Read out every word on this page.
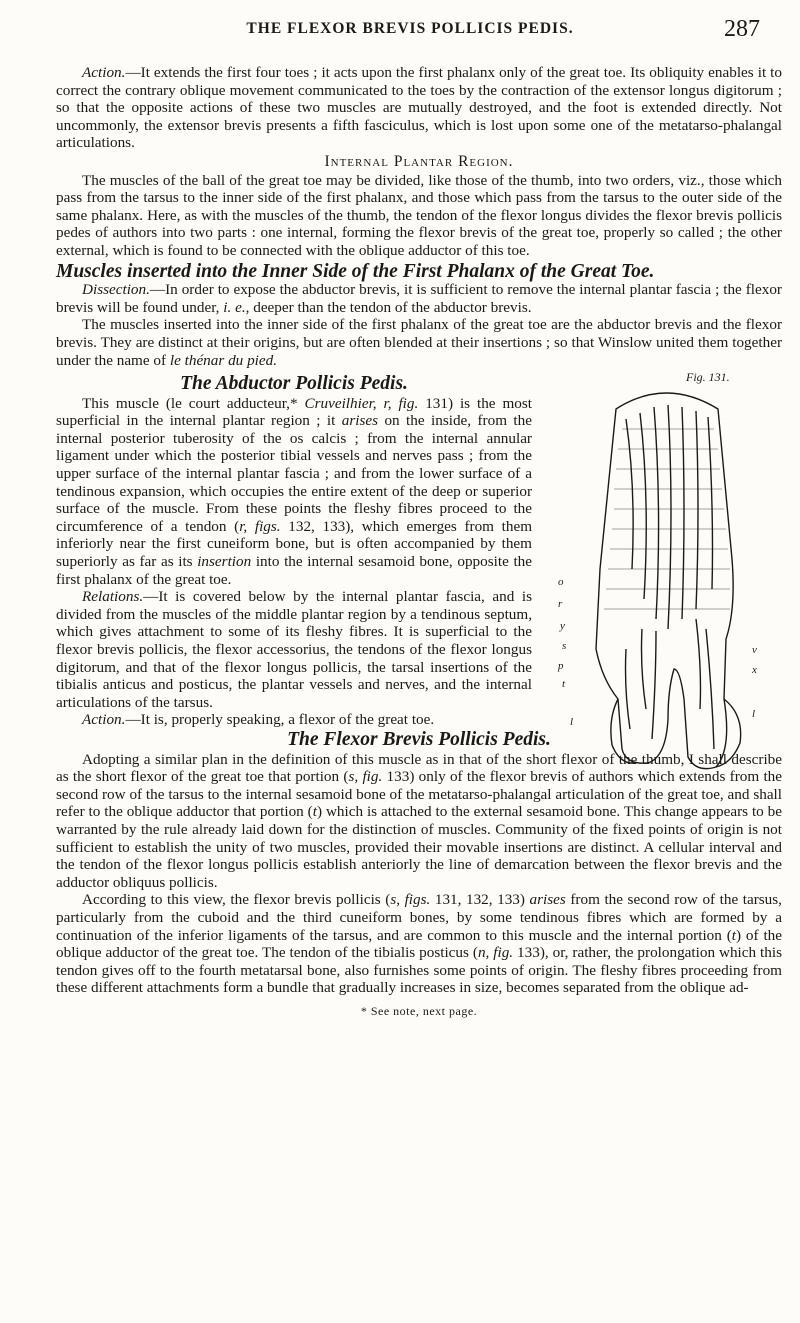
THE FLEXOR BREVIS POLLICIS PEDIS.	287

Action.—It extends the first four toes ; it acts upon the first phalanx only of the great toe. Its obliquity enables it to correct the contrary oblique movement communicated to the toes by the contraction of the extensor longus digitorum ; so that the opposite actions of these two muscles are mutually destroyed, and the foot is extended directly. Not uncommonly, the extensor brevis presents a fifth fasciculus, which is lost upon some one of the metatarso-phalangal articulations.

Internal Plantar Region.

The muscles of the ball of the great toe may be divided, like those of the thumb, into two orders, viz., those which pass from the tarsus to the inner side of the first phalanx, and those which pass from the tarsus to the outer side of the same phalanx. Here, as with the muscles of the thumb, the tendon of the flexor longus divides the flexor brevis pollicis pedes of authors into two parts : one internal, forming the flexor brevis of the great toe, properly so called ; the other external, which is found to be connected with the oblique adductor of this toe.

Muscles inserted into the Inner Side of the First Phalanx of the Great Toe.

Dissection.—In order to expose the abductor brevis, it is sufficient to remove the internal plantar fascia ; the flexor brevis will be found under, i. e., deeper than the tendon of the abductor brevis.

The muscles inserted into the inner side of the first phalanx of the great toe are the abductor brevis and the flexor brevis. They are distinct at their origins, but are often blended at their insertions ; so that Winslow united them together under the name of le thénar du pied.

The Abductor Pollicis Pedis.

This muscle (le court adducteur,* Cruveilhier, r, fig. 131) is the most superficial in the internal plantar region ; it arises on the inside, from the internal posterior tuberosity of the os calcis ; from the internal annular ligament under which the posterior tibial vessels and nerves pass ; from the upper surface of the internal plantar fascia ; and from the lower surface of a tendinous expansion, which occupies the entire extent of the deep or superior surface of the muscle. From these points the fleshy fibres proceed to the circumference of a tendon (r, figs. 132, 133), which emerges from them inferiorly near the first cuneiform bone, but is often accompanied by them superiorly as far as its insertion into the internal sesamoid bone, opposite the first phalanx of the great toe.

Relations.—It is covered below by the internal plantar fascia, and is divided from the muscles of the middle plantar region by a tendinous septum, which gives attachment to some of its fleshy fibres. It is superficial to the flexor brevis pollicis, the flexor accessorius, the tendons of the flexor longus digitorum, and that of the flexor longus pollicis, the tarsal insertions of the tibialis anticus and posticus, the plantar vessels and nerves, and the internal articulations of the tarsus.

Action.—It is, properly speaking, a flexor of the great toe.

Fig. 131.
o
r
y
s
p
t
l
v
x
l
The Flexor Brevis Pollicis Pedis.

Adopting a similar plan in the definition of this muscle as in that of the short flexor of the thumb, I shall describe as the short flexor of the great toe that portion (s, fig. 133) only of the flexor brevis of authors which extends from the second row of the tarsus to the internal sesamoid bone of the metatarso-phalangal articulation of the great toe, and shall refer to the oblique adductor that portion (t) which is attached to the external sesamoid bone. This change appears to be warranted by the rule already laid down for the distinction of muscles. Community of the fixed points of origin is not sufficient to establish the unity of two muscles, provided their movable insertions are distinct. A cellular interval and the tendon of the flexor longus pollicis establish anteriorly the line of demarcation between the flexor brevis and the adductor obliquus pollicis.

According to this view, the flexor brevis pollicis (s, figs. 131, 132, 133) arises from the second row of the tarsus, particularly from the cuboid and the third cuneiform bones, by some tendinous fibres which are formed by a continuation of the inferior ligaments of the tarsus, and are common to this muscle and the internal portion (t) of the oblique adductor of the great toe. The tendon of the tibialis posticus (n, fig. 133), or, rather, the prolongation which this tendon gives off to the fourth metatarsal bone, also furnishes some points of origin. The fleshy fibres proceeding from these different attachments form a bundle that gradually increases in size, becomes separated from the oblique ad-

* See note, next page.
